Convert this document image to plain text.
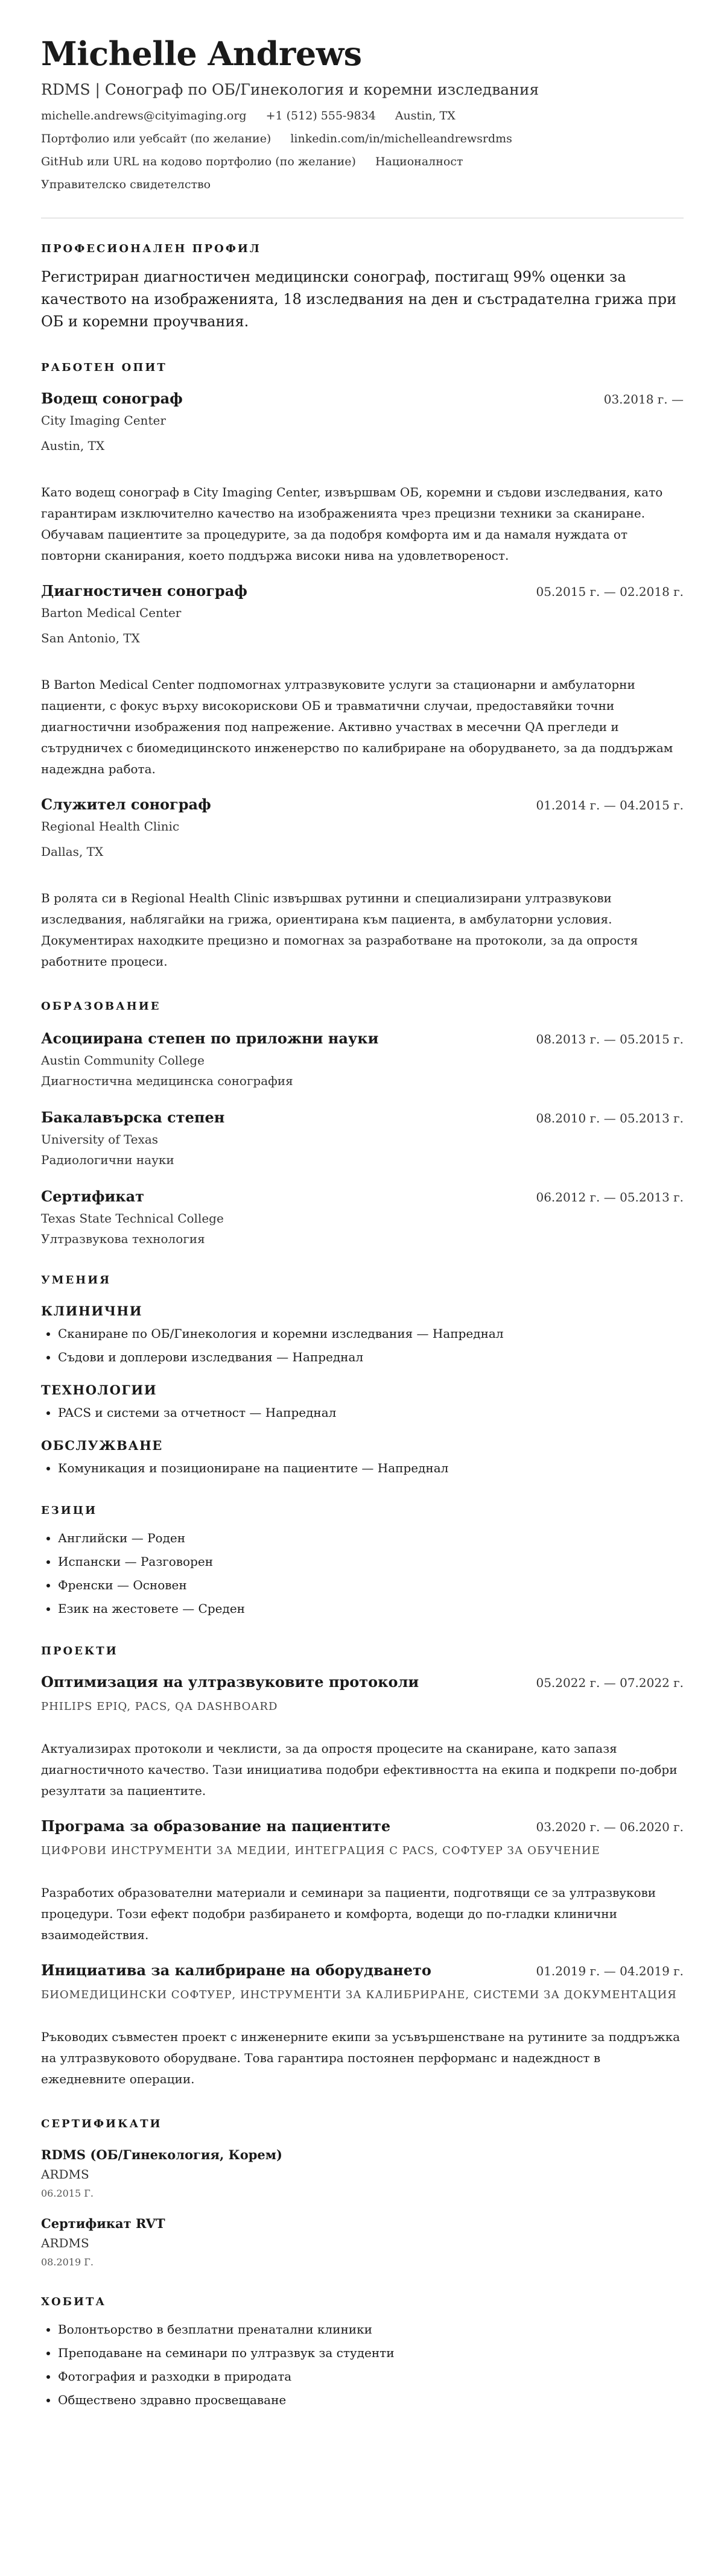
Michelle Andrews
RDMS | Сонограф по ОБ/Гинекология и коремни изследвания
michelle.andrews@cityimaging.org +1 (512) 555-9834 Austin, TX
Портфолио или уебсайт (по желание) linkedin.com/in/michelleandrewsrdms
GitHub или URL на кодово портфолио (по желание) Националност
Управителско свидетелство
ПРОФЕСИОНАЛЕН ПРОФИЛ
Регистриран диагностичен медицински сонограф, постигащ 99% оценки за качеството на изображенията, 18 изследвания на ден и състрадателна грижа при ОБ и коремни проучвания.
РАБОТЕН ОПИТ
Водещ сонограф	03.2018 г. —
City Imaging Center
Austin, TX
Като водещ сонограф в City Imaging Center, извършвам ОБ, коремни и съдови изследвания, като гарантирам изключително качество на изображенията чрез прецизни техники за сканиране. Обучавам пациентите за процедурите, за да подобря комфорта им и да намаля нуждата от повторни сканирания, което поддържа високи нива на удовлетвореност.
Диагностичен сонограф	05.2015 г. — 02.2018 г.
Barton Medical Center
San Antonio, TX
В Barton Medical Center подпомогнах ултразвуковите услуги за стационарни и амбулаторни пациенти, с фокус върху високорискови ОБ и травматични случаи, предоставяйки точни диагностични изображения под напрежение. Активно участвах в месечни QA прегледи и сътрудничех с биомедицинското инженерство по калибриране на оборудването, за да поддържам надеждна работа.
Служител сонограф	01.2014 г. — 04.2015 г.
Regional Health Clinic
Dallas, TX
В ролята си в Regional Health Clinic извършвах рутинни и специализирани ултразвукови изследвания, наблягайки на грижа, ориентирана към пациента, в амбулаторни условия. Документирах находките прецизно и помогнах за разработване на протоколи, за да опростя работните процеси.
ОБРАЗОВАНИЕ
Асоциирана степен по приложни науки	08.2013 г. — 05.2015 г.
Austin Community College
Диагностична медицинска сонография
Бакалавърска степен	08.2010 г. — 05.2013 г.
University of Texas
Радиологични науки
Сертификат	06.2012 г. — 05.2013 г.
Texas State Technical College
Ултразвукова технология
УМЕНИЯ
КЛИНИЧНИ
• Сканиране по ОБ/Гинекология и коремни изследвания — Напреднал
• Съдови и доплерови изследвания — Напреднал
ТЕХНОЛОГИИ
• PACS и системи за отчетност — Напреднал
ОБСЛУЖВАНЕ
• Комуникация и позициониране на пациентите — Напреднал
ЕЗИЦИ
• Английски — Роден
• Испански — Разговорен
• Френски — Основен
• Език на жестовете — Среден
ПРОЕКТИ
Оптимизация на ултразвуковите протоколи	05.2022 г. — 07.2022 г.
PHILIPS EPIQ, PACS, QA DASHBOARD
Актуализирах протоколи и чеклисти, за да опростя процесите на сканиране, като запазя диагностичното качество. Тази инициатива подобри ефективността на екипа и подкрепи по-добри резултати за пациентите.
Програма за образование на пациентите	03.2020 г. — 06.2020 г.
ЦИФРОВИ ИНСТРУМЕНТИ ЗА МЕДИИ, ИНТЕГРАЦИЯ С PACS, СОФТУЕР ЗА ОБУЧЕНИЕ
Разработих образователни материали и семинари за пациенти, подготвящи се за ултразвукови процедури. Този ефект подобри разбирането и комфорта, водещи до по-гладки клинични взаимодействия.
Инициатива за калибриране на оборудването	01.2019 г. — 04.2019 г.
БИОМЕДИЦИНСКИ СОФТУЕР, ИНСТРУМЕНТИ ЗА КАЛИБРИРАНЕ, СИСТЕМИ ЗА ДОКУМЕНТАЦИЯ
Ръководих съвместен проект с инженерните екипи за усъвършенстване на рутините за поддръжка на ултразвуковото оборудване. Това гарантира постоянен перформанс и надеждност в ежедневните операции.
СЕРТИФИКАТИ
RDMS (ОБ/Гинекология, Корем)
ARDMS
06.2015 Г.
Сертификат RVT
ARDMS
08.2019 Г.
ХОБИТА
• Волонтьорство в безплатни пренатални клиники
• Преподаване на семинари по ултразвук за студенти
• Фотография и разходки в природата
• Обществено здравно просвещаване
